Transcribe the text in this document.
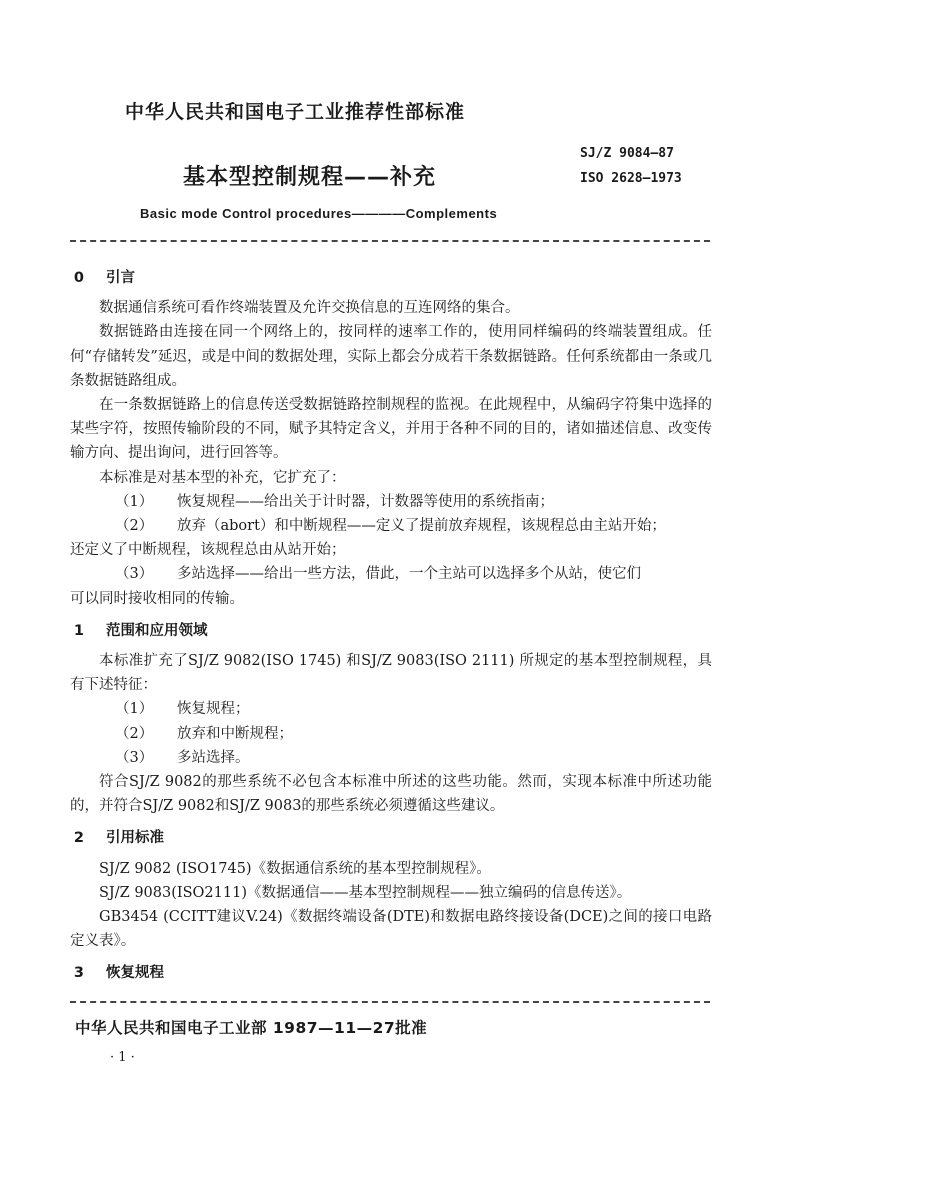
中华人民共和国电子工业推荐性部标准
基本型控制规程——补充
SJ/Z 9084—87
ISO 2628—1973
Basic mode Control procedures————Complements

0 引言

数据通信系统可看作终端装置及允许交换信息的互连网络的集合。

数据链路由连接在同一个网络上的，按同样的速率工作的，使用同样编码的终端装置组成。任何“存储转发”延迟，或是中间的数据处理，实际上都会分成若干条数据链路。任何系统都由一条或几条数据链路组成。

在一条数据链路上的信息传送受数据链路控制规程的监视。在此规程中，从编码字符集中选择的某些字符，按照传输阶段的不同，赋予其特定含义，并用于各种不同的目的，诸如描述信息、改变传输方向、提出询问，进行回答等。

本标准是对基本型的补充，它扩充了：

（1） 恢复规程——给出关于计时器，计数器等使用的系统指南；

（2） 放弃（abort）和中断规程——定义了提前放弃规程，该规程总由主站开始；

还定义了中断规程，该规程总由从站开始；

（3） 多站选择——给出一些方法，借此，一个主站可以选择多个从站，使它们

可以同时接收相同的传输。

1 范围和应用领域

本标准扩充了SJ/Z 9082(ISO 1745) 和SJ/Z 9083(ISO 2111) 所规定的基本型控制规程，具有下述特征：

（1） 恢复规程；

（2） 放弃和中断规程；

（3） 多站选择。

符合SJ/Z 9082的那些系统不必包含本标准中所述的这些功能。然而，实现本标准中所述功能的，并符合SJ/Z 9082和SJ/Z 9083的那些系统必须遵循这些建议。

2 引用标准

SJ/Z 9082 (ISO1745)《数据通信系统的基本型控制规程》。

SJ/Z 9083(ISO2111)《数据通信——基本型控制规程——独立编码的信息传送》。

GB3454 (CCITT建议V.24)《数据终端设备(DTE)和数据电路终接设备(DCE)之间的接口电路定义表》。

3 恢复规程

中华人民共和国电子工业部 1987—11—27批准
· 1 ·
